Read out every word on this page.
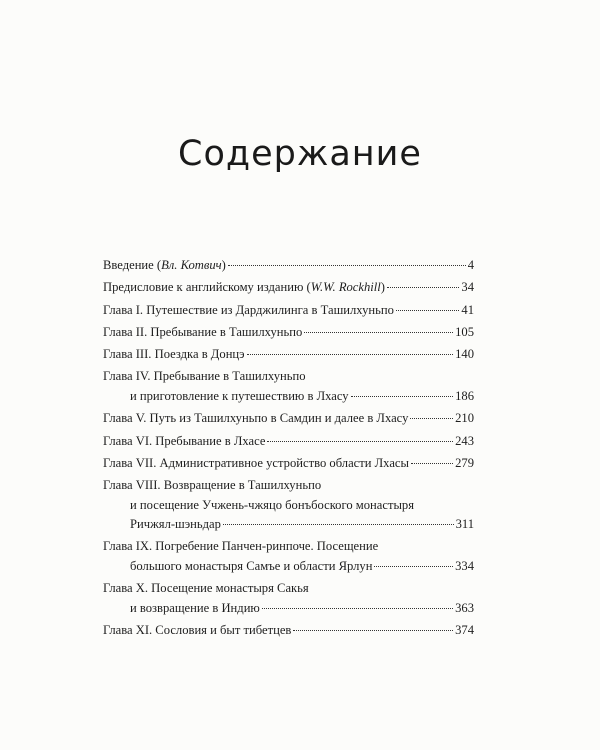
Содержание
Введение (Вл. Котвич)	4
Предисловие к английскому изданию (W.W. Rockhill)	34
Глава I. Путешествие из Дарджилинга в Ташилхуньпо	41
Глава II. Пребывание в Ташилхуньпо	105
Глава III. Поездка в Донцэ	140
Глава IV. Пребывание в Ташилхуньпо
и приготовление к путешествию в Лхасу	186
Глава V. Путь из Ташилхуньпо в Самдин и далее в Лхасу	210
Глава VI. Пребывание в Лхасе	243
Глава VII. Административное устройство области Лхасы	279
Глава VIII. Возвращение в Ташилхуньпо
и посещение Учжень-чжяцо бонъбоского монастыря
Ричжял-шэньдар	311
Глава IX. Погребение Панчен-ринпоче. Посещение
большого монастыря Самъе и области Ярлун	334
Глава X. Посещение монастыря Сакья
и возвращение в Индию	363
Глава XI. Сословия и быт тибетцев	374
